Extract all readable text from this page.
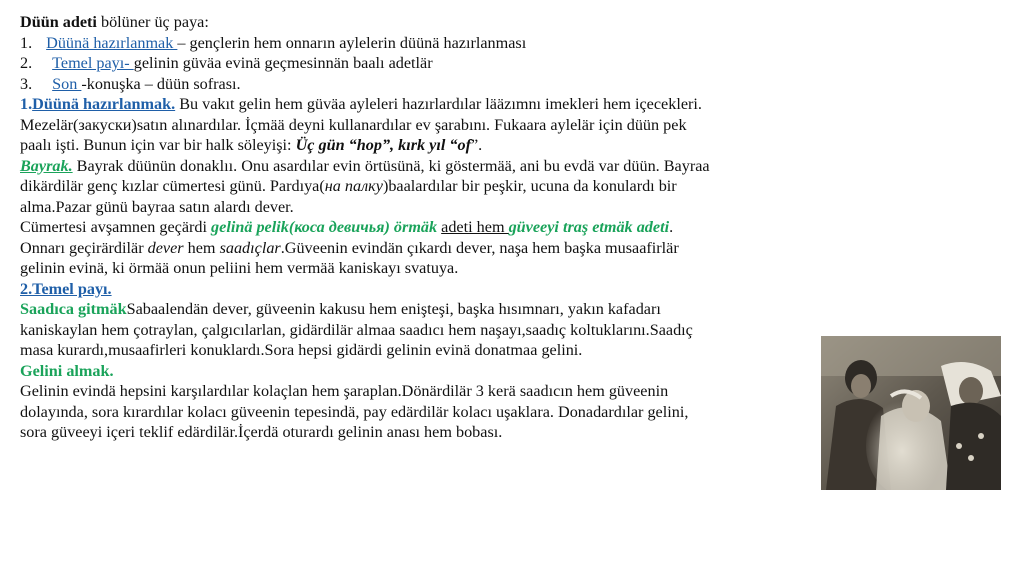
Düün adeti bölüner üç paya:
1. Düünä hazırlanmak – gençlerin hem onnarın aylelerin düünä hazırlanması
2. Temel payı- gelinin güväa evinä geçmesinnän baalı adetlär
3. Son -konuşka – düün sofrası.
1.Düünä hazırlanmak. Bu vakıt gelin hem güväa ayleleri hazırlardılar lääzımnı imekleri hem içecekleri.
Mezelär(закуски)satın alınardılar. İçmää deyni kullanardılar ev şarabını. Fukaara aylelär için düün pek
paalı işti. Bunun için var bir halk söleyişi: Üç gün “hop”, kırk yıl “of”.
Bayrak. Bayrak düünün donaklıı. Onu asardılar evin örtüsünä, ki göstermää, ani bu evdä var düün. Bayraa
dikärdilär genç kızlar cümertesi günü. Pardıya(на палку)baalardılar bir peşkir, ucuna da konulardı bir
alma.Pazar günü bayraa satın alardı dever.
Cümertesi avşamnen geçärdi gelinä pelik(коса девичья) örmäk adeti hem güveeyi traş etmäk adeti.
Onnarı geçirärdilär dever hem saadıçlar.Güveenin evindän çıkardı dever, naşa hem başka musaafirlär
gelinin evinä, ki örmää onun peliini hem vermää kaniskayı svatuya.
2.Temel payı.
Saadıca gitmäkSabaalendän dever, güveenin kakusu hem enişteşi, başka hısımnarı, yakın kafadarı
kaniskaylan hem çotraylan, çalgıcılarlan, gidärdilär almaa saadıcı hem naşayı,saadıç koltuklarını.Saadıç
masa kurardı,musaafirleri konuklardı.Sora hepsi gidärdi gelinin evinä donatmaa gelini.
Gelini almak.
Gelinin evindä hepsini karşılardılar kolaçlan hem şaraplan.Dönärdilär 3 kerä saadıcın hem güveenin
dolayında, sora kırardılar kolacı güveenin tepesindä, pay edärdilär kolacı uşaklara. Donadardılar gelini,
sora güveeyi içeri teklif edärdilär.İçerdä oturardı gelinin anası hem bobası.
